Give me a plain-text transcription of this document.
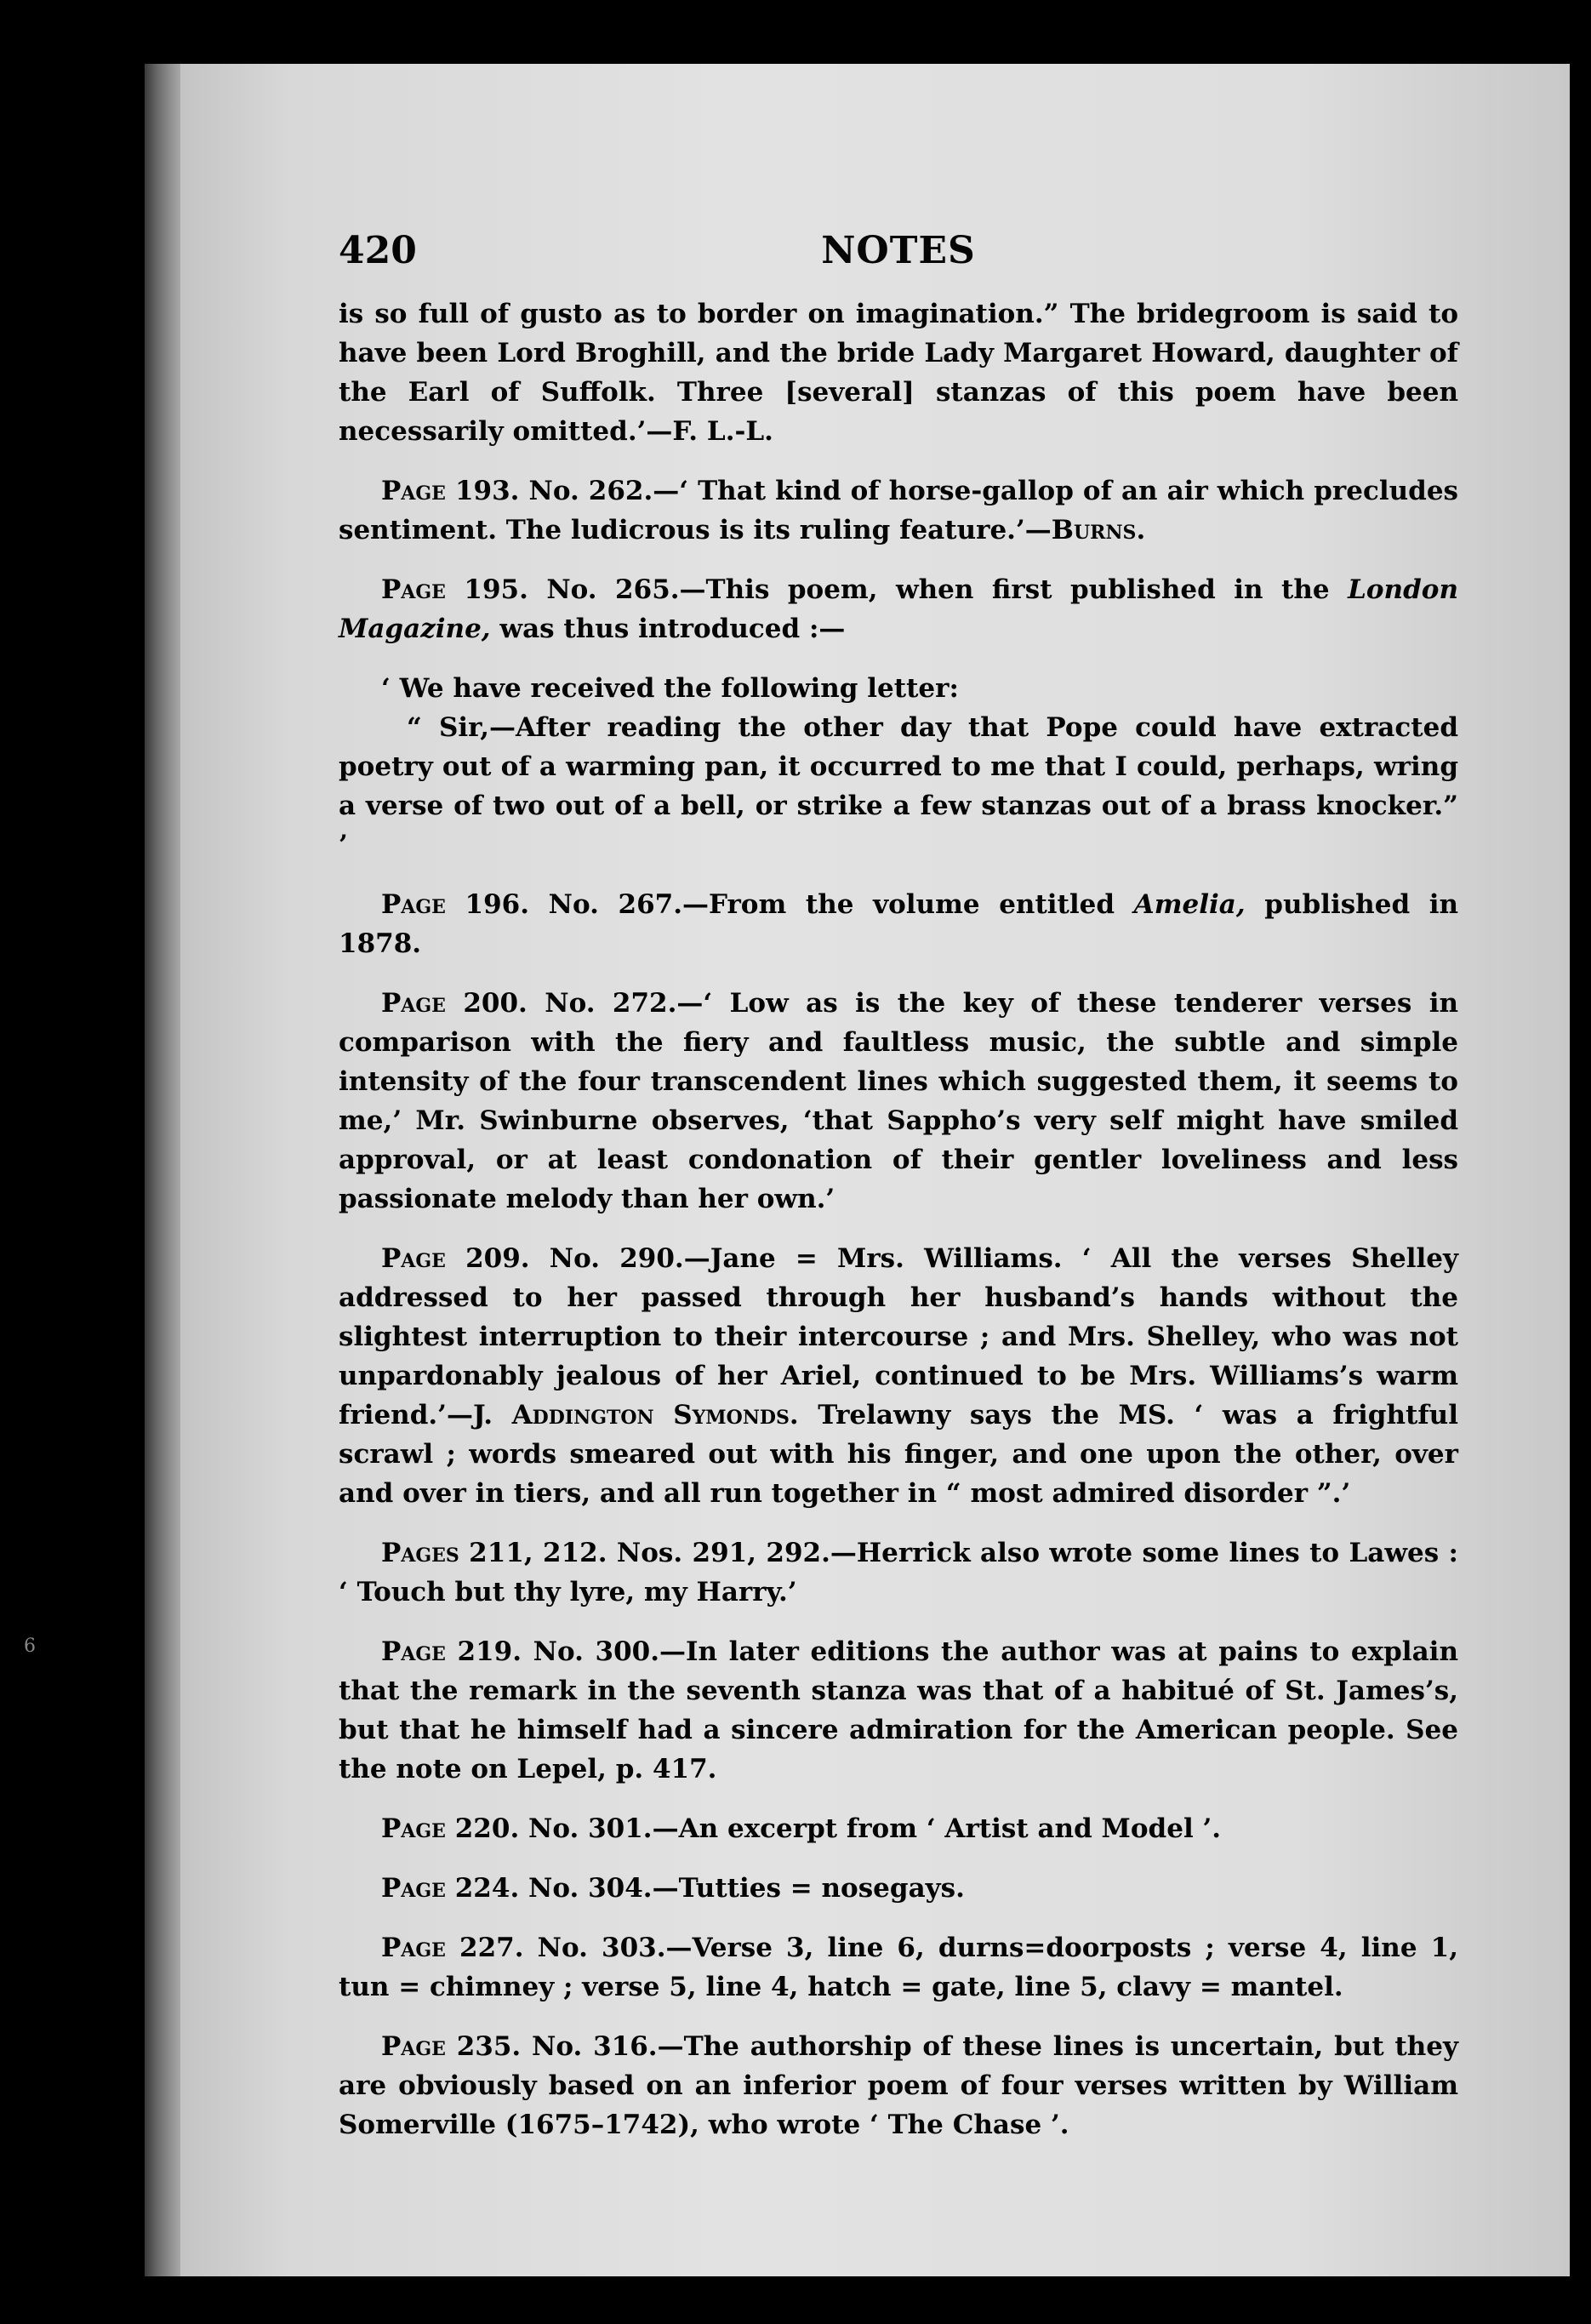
6
420	NOTES

is so full of gusto as to border on imagination.” The bridegroom is said to have been Lord Broghill, and the bride Lady Margaret Howard, daughter of the Earl of Suffolk. Three [several] stanzas of this poem have been necessarily omitted.’—F. L.-L.

Page 193. No. 262.—‘ That kind of horse-gallop of an air which precludes sentiment. The ludicrous is its ruling feature.’—Burns.

Page 195. No. 265.—This poem, when first published in the London Magazine, was thus introduced :—

‘ We have received the following letter:

“ Sir,—After reading the other day that Pope could have extracted poetry out of a warming pan, it occurred to me that I could, perhaps, wring a verse of two out of a bell, or strike a few stanzas out of a brass knocker.” ’

Page 196. No. 267.—From the volume entitled Amelia, published in 1878.

Page 200. No. 272.—‘ Low as is the key of these tenderer verses in comparison with the fiery and faultless music, the subtle and simple intensity of the four transcendent lines which suggested them, it seems to me,’ Mr. Swinburne observes, ‘that Sappho’s very self might have smiled approval, or at least condonation of their gentler loveliness and less passionate melody than her own.’

Page 209. No. 290.—Jane = Mrs. Williams. ‘ All the verses Shelley addressed to her passed through her husband’s hands without the slightest interruption to their intercourse ; and Mrs. Shelley, who was not unpardonably jealous of her Ariel, continued to be Mrs. Williams’s warm friend.’—J. Addington Symonds. Trelawny says the MS. ‘ was a frightful scrawl ; words smeared out with his finger, and one upon the other, over and over in tiers, and all run together in “ most admired disorder ”.’

Pages 211, 212. Nos. 291, 292.—Herrick also wrote some lines to Lawes : ‘ Touch but thy lyre, my Harry.’

Page 219. No. 300.—In later editions the author was at pains to explain that the remark in the seventh stanza was that of a habitué of St. James’s, but that he himself had a sincere admiration for the American people. See the note on Lepel, p. 417.

Page 220. No. 301.—An excerpt from ‘ Artist and Model ’.

Page 224. No. 304.—Tutties = nosegays.

Page 227. No. 303.—Verse 3, line 6, durns=doorposts ; verse 4, line 1, tun = chimney ; verse 5, line 4, hatch = gate, line 5, clavy = mantel.

Page 235. No. 316.—The authorship of these lines is uncertain, but they are obviously based on an inferior poem of four verses written by William Somerville (1675–1742), who wrote ‘ The Chase ’.
